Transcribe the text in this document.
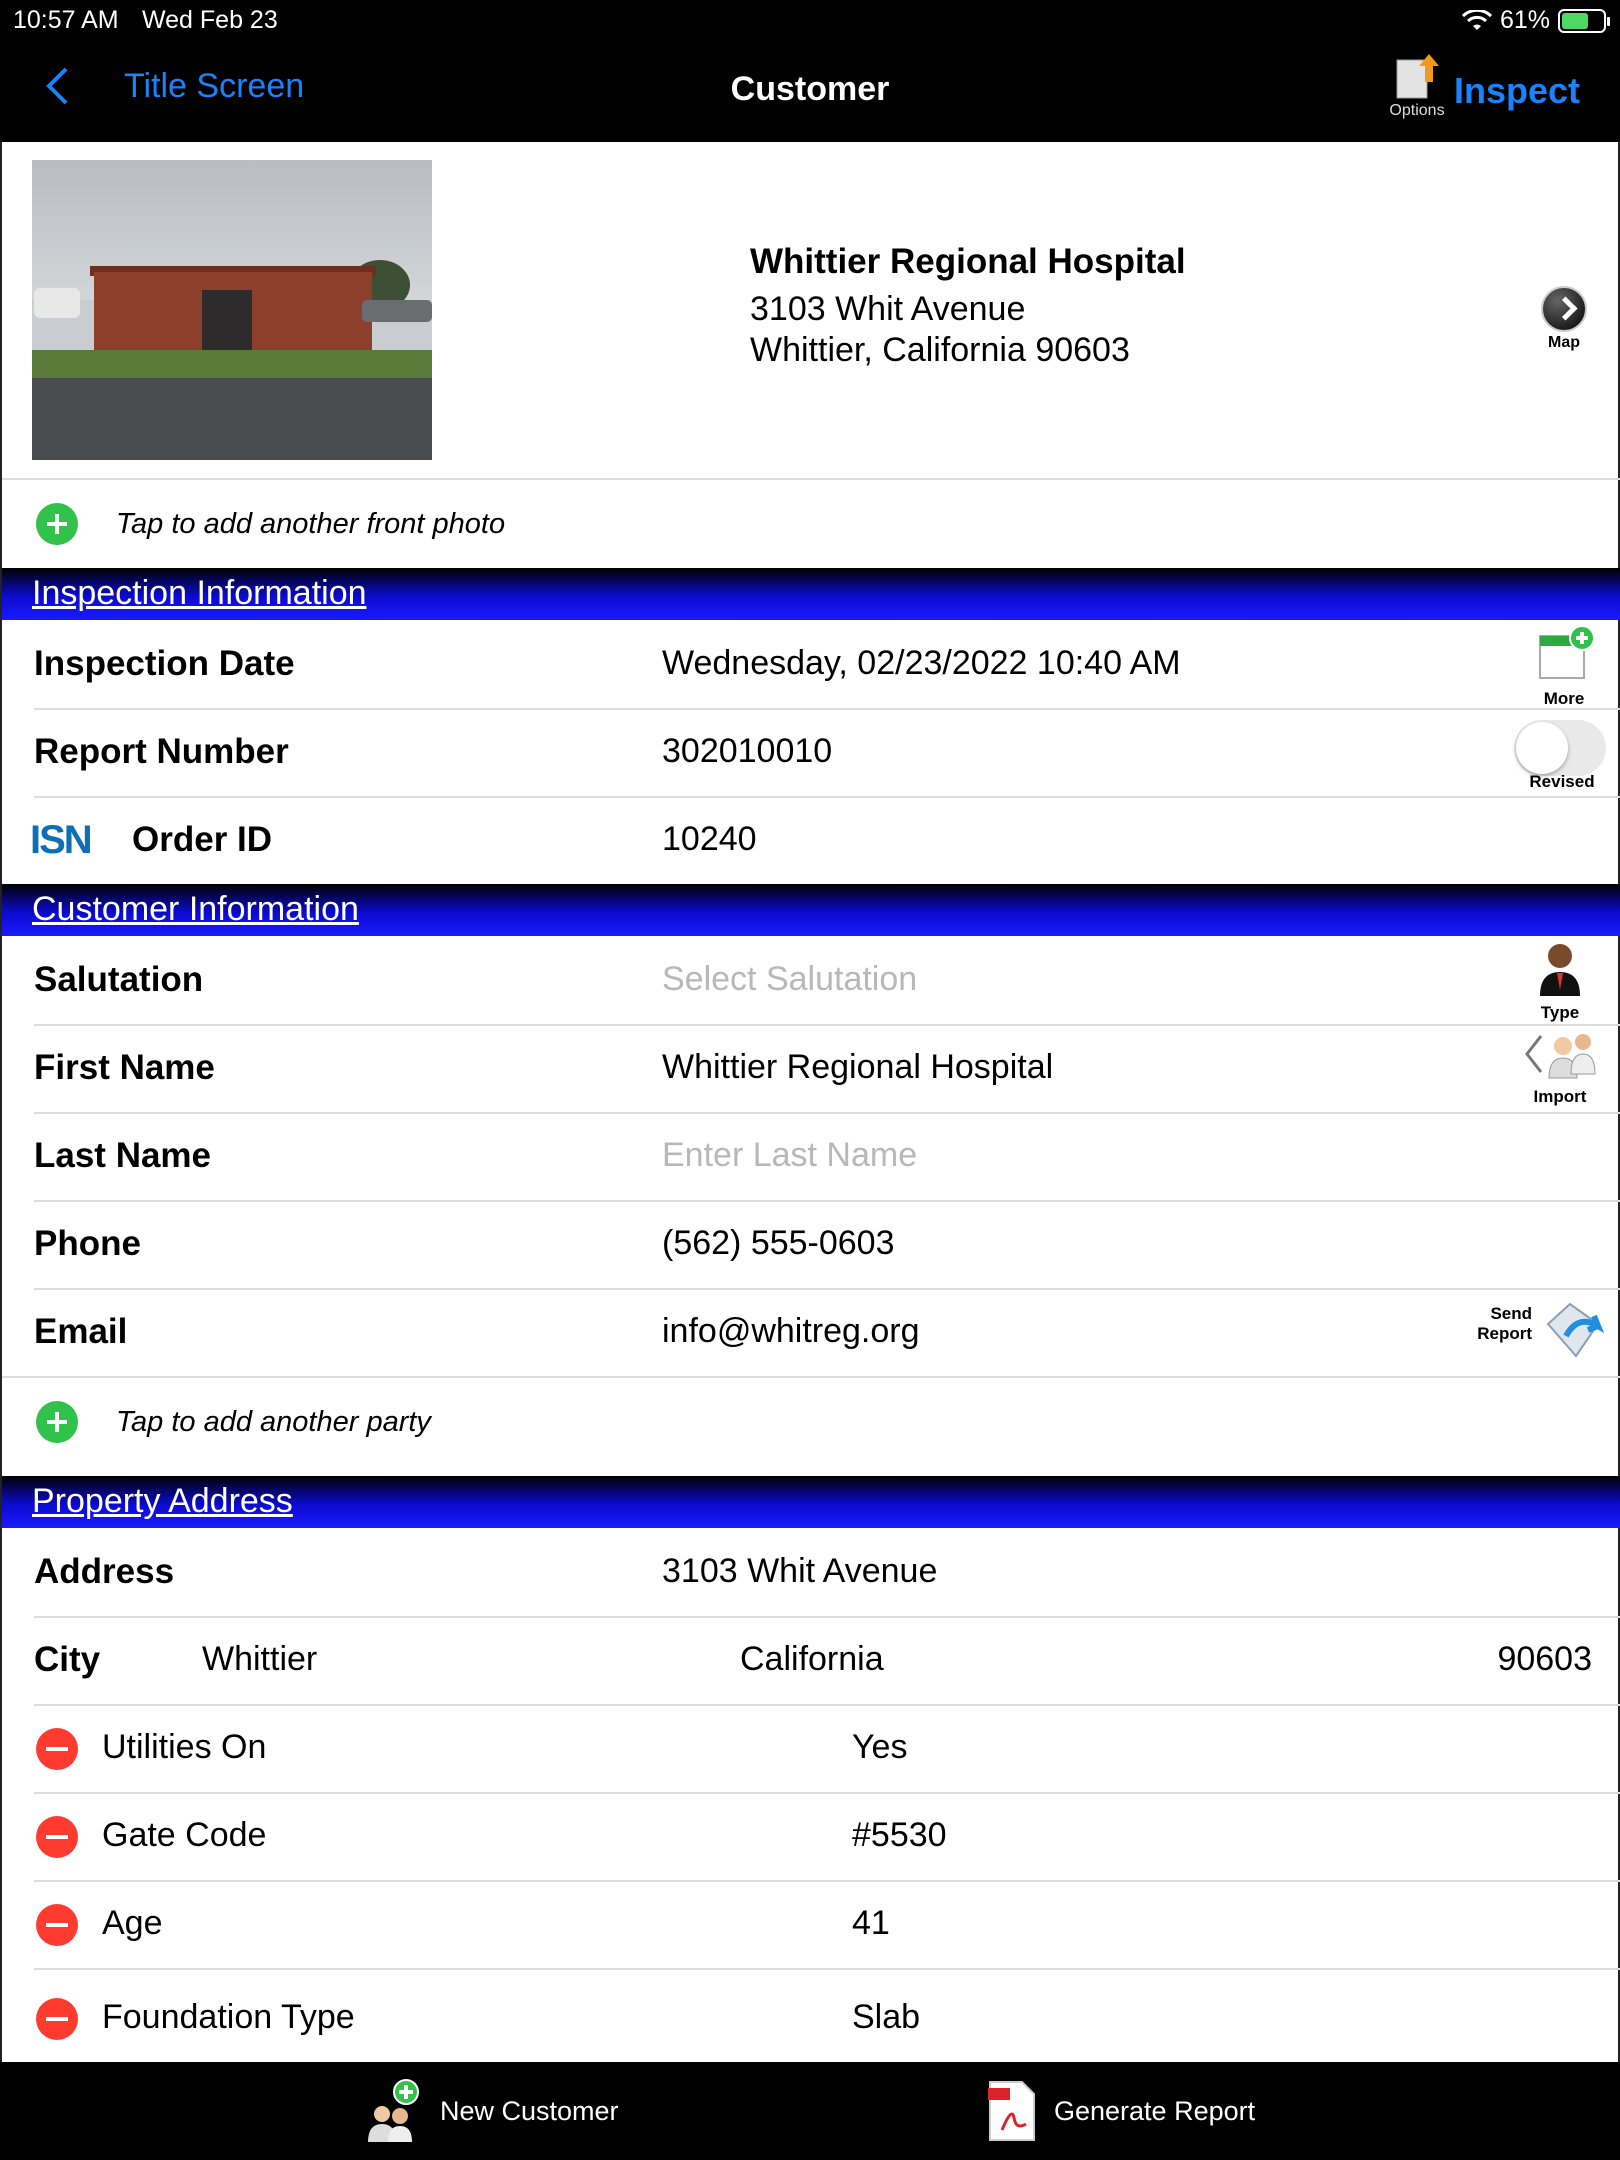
10:57 AM Wed Feb 23	61%
Title Screen	Customer
Options Inspect
Whittier Regional Hospital
3103 Whit Avenue
Whittier, California 90603	Map
Tap to add another front photo
Inspection Information
Inspection Date	Wednesday, 02/23/2022 10:40 AM
More
Report Number	302010010
Revised
ISN Order ID	10240
Customer Information
Salutation	Select Salutation
Type
First Name	Whittier Regional Hospital
Import
Last Name	Enter Last Name
Phone	(562) 555-0603
Email	info@whitreg.org	Send
Report
Tap to add another party
Property Address
Address	3103 Whit Avenue
City	Whittier	California	90603
Utilities On	Yes
Gate Code	#5530
Age	41
Foundation Type	Slab
New Customer	Generate Report
